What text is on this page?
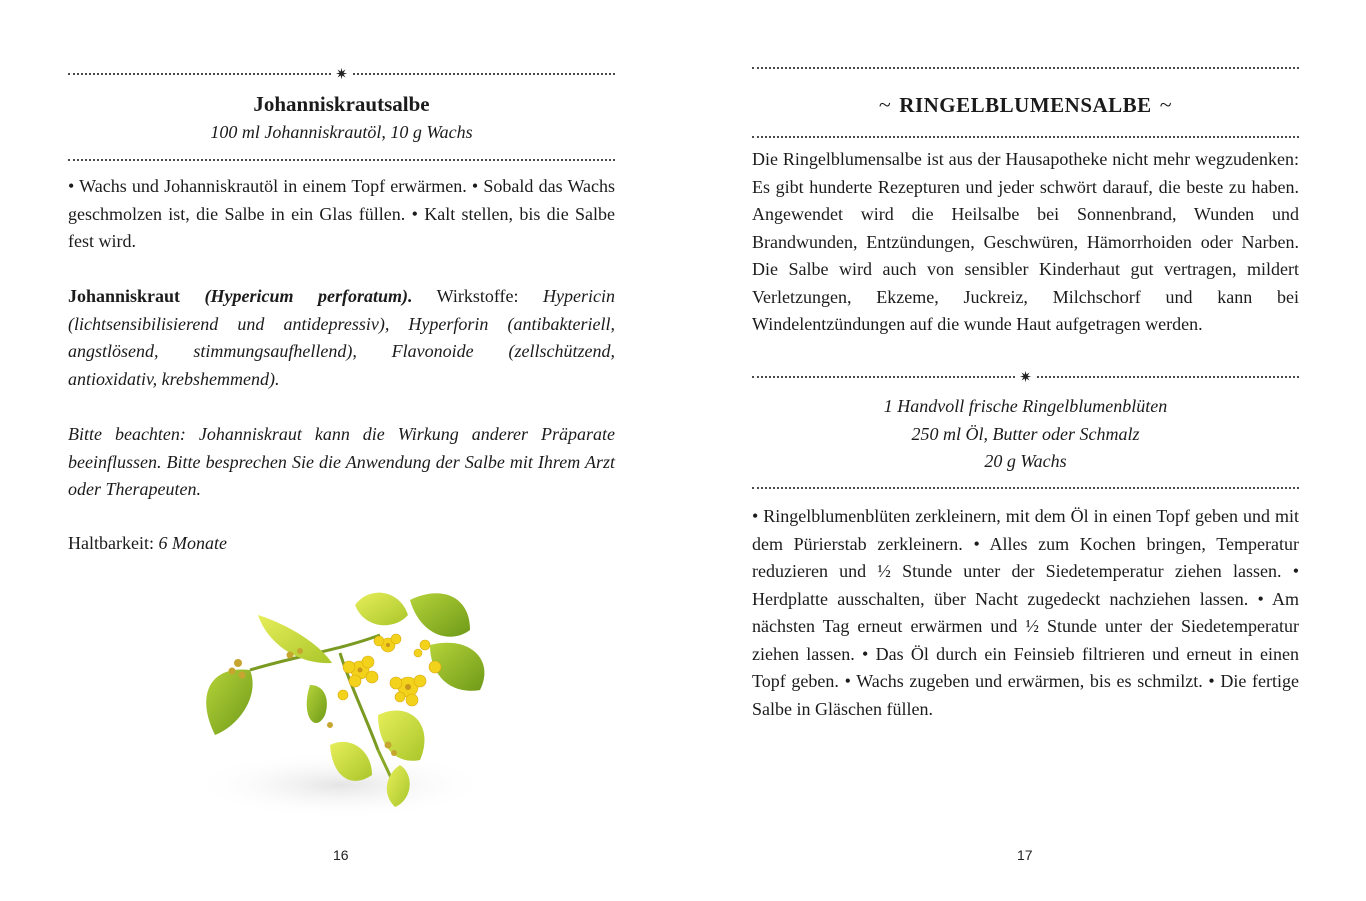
✷
Johanniskrautsalbe
100 ml Johanniskrautöl, 10 g Wachs

• Wachs und Johanniskrautöl in einem Topf erwärmen. • Sobald das Wachs geschmolzen ist, die Salbe in ein Glas füllen. • Kalt stellen, bis die Salbe fest wird.

Johanniskraut (Hypericum perforatum). Wirkstoffe: Hypericin (lichtsensibilisierend und antidepressiv), Hyperforin (antibakteriell, angstlösend, stimmungsaufhellend), Flavonoide (zellschützend, antioxidativ, krebshemmend).

Bitte beachten: Johanniskraut kann die Wirkung anderer Präparate beeinflussen. Bitte besprechen Sie die Anwendung der Salbe mit Ihrem Arzt oder Therapeuten.

Haltbarkeit: 6 Monate

16
~ RINGELBLUMENSALBE ~

Die Ringelblumensalbe ist aus der Hausapotheke nicht mehr wegzudenken: Es gibt hunderte Rezepturen und jeder schwört darauf, die beste zu haben. Angewendet wird die Heilsalbe bei Sonnenbrand, Wunden und Brandwunden, Entzündungen, Geschwüren, Hämorrhoiden oder Narben. Die Salbe wird auch von sensibler Kinderhaut gut vertragen, mildert Verletzungen, Ekzeme, Juckreiz, Milchschorf und kann bei Windelentzündungen auf die wunde Haut aufgetragen werden.

✷
1 Handvoll frische Ringelblumenblüten
250 ml Öl, Butter oder Schmalz
20 g Wachs

• Ringelblumenblüten zerkleinern, mit dem Öl in einen Topf geben und mit dem Pürierstab zerkleinern. • Alles zum Kochen bringen, Temperatur reduzieren und ½ Stunde unter der Siedetemperatur ziehen lassen. • Herdplatte ausschalten, über Nacht zugedeckt nachziehen lassen. • Am nächsten Tag erneut erwärmen und ½ Stunde unter der Siedetemperatur ziehen lassen. • Das Öl durch ein Feinsieb filtrieren und erneut in einen Topf geben. • Wachs zugeben und erwärmen, bis es schmilzt. • Die fertige Salbe in Gläschen füllen.

17
